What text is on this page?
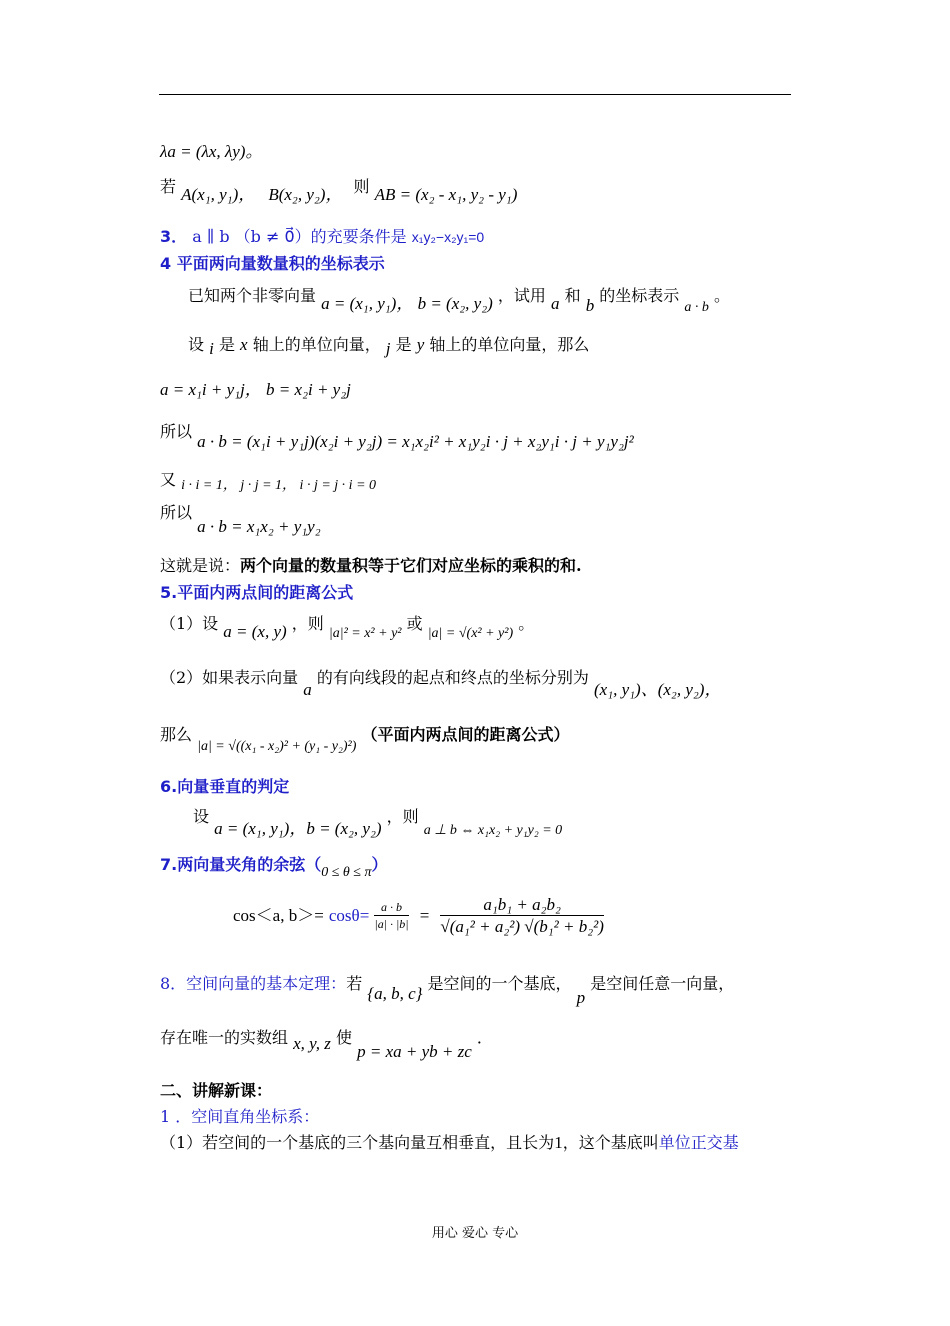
λa = (λx, λy)。
若 A(x₁, y₁)， B(x₂, y₂)， 则 AB = (x₂ - x₁, y₂ - y₁)
3． a ∥ b （b ≠ 0⃗）的充要条件是 x₁y₂−x₂y₁=0
4 平面两向量数量积的坐标表示
已知两个非零向量 a = (x₁, y₁)， b = (x₂, y₂) ，试用 a 和 b 的坐标表示 a · b 。
设 i 是 x 轴上的单位向量， j 是 y 轴上的单位向量，那么
a = x₁i + y₁j， b = x₂i + y₂j
所以 a · b = (x₁i + y₁j)(x₂i + y₂j) = x₁x₂i² + x₁y₂i · j + x₂y₁i · j + y₁y₂j²
又 i · i = 1， j · j = 1， i · j = j · i = 0
所以 a · b = x₁x₂ + y₁y₂
这就是说：两个向量的数量积等于它们对应坐标的乘积的和.
5.平面内两点间的距离公式
（1）设 a = (x, y) ，则 |a|² = x² + y² 或 |a| = √(x² + y²) 。
（2）如果表示向量 a 的有向线段的起点和终点的坐标分别为 (x₁, y₁)、(x₂, y₂)，
那么 |a| = √((x₁ - x₂)² + (y₁ - y₂)²) （平面内两点间的距离公式）
6.向量垂直的判定
设 a = (x₁, y₁)，b = (x₂, y₂) ，则 a ⊥ b ⇔ x₁x₂ + y₁y₂ = 0
7.两向量夹角的余弦（0 ≤ θ ≤ π）
cos＜a, $b>= \cos\theta= \frac{a \cdot b}{|a| \cdot |b|} = \frac{\text{a₁b₁ + a₂b₂}}{\text{√(a₁² + a₂²) √(b₁² + b₂²)}}$
8．空间向量的基本定理：若 {a, b, c} 是空间的一个基底， p 是空间任意一向量，
存在唯一的实数组 x, y, z 使 p = xa + yb + zc ．
二、讲解新课：
1 ．空间直角坐标系：
（1）若空间的一个基底的三个基向量互相垂直，且长为1，这个基底叫单位正交基
用心 爱心 专心
